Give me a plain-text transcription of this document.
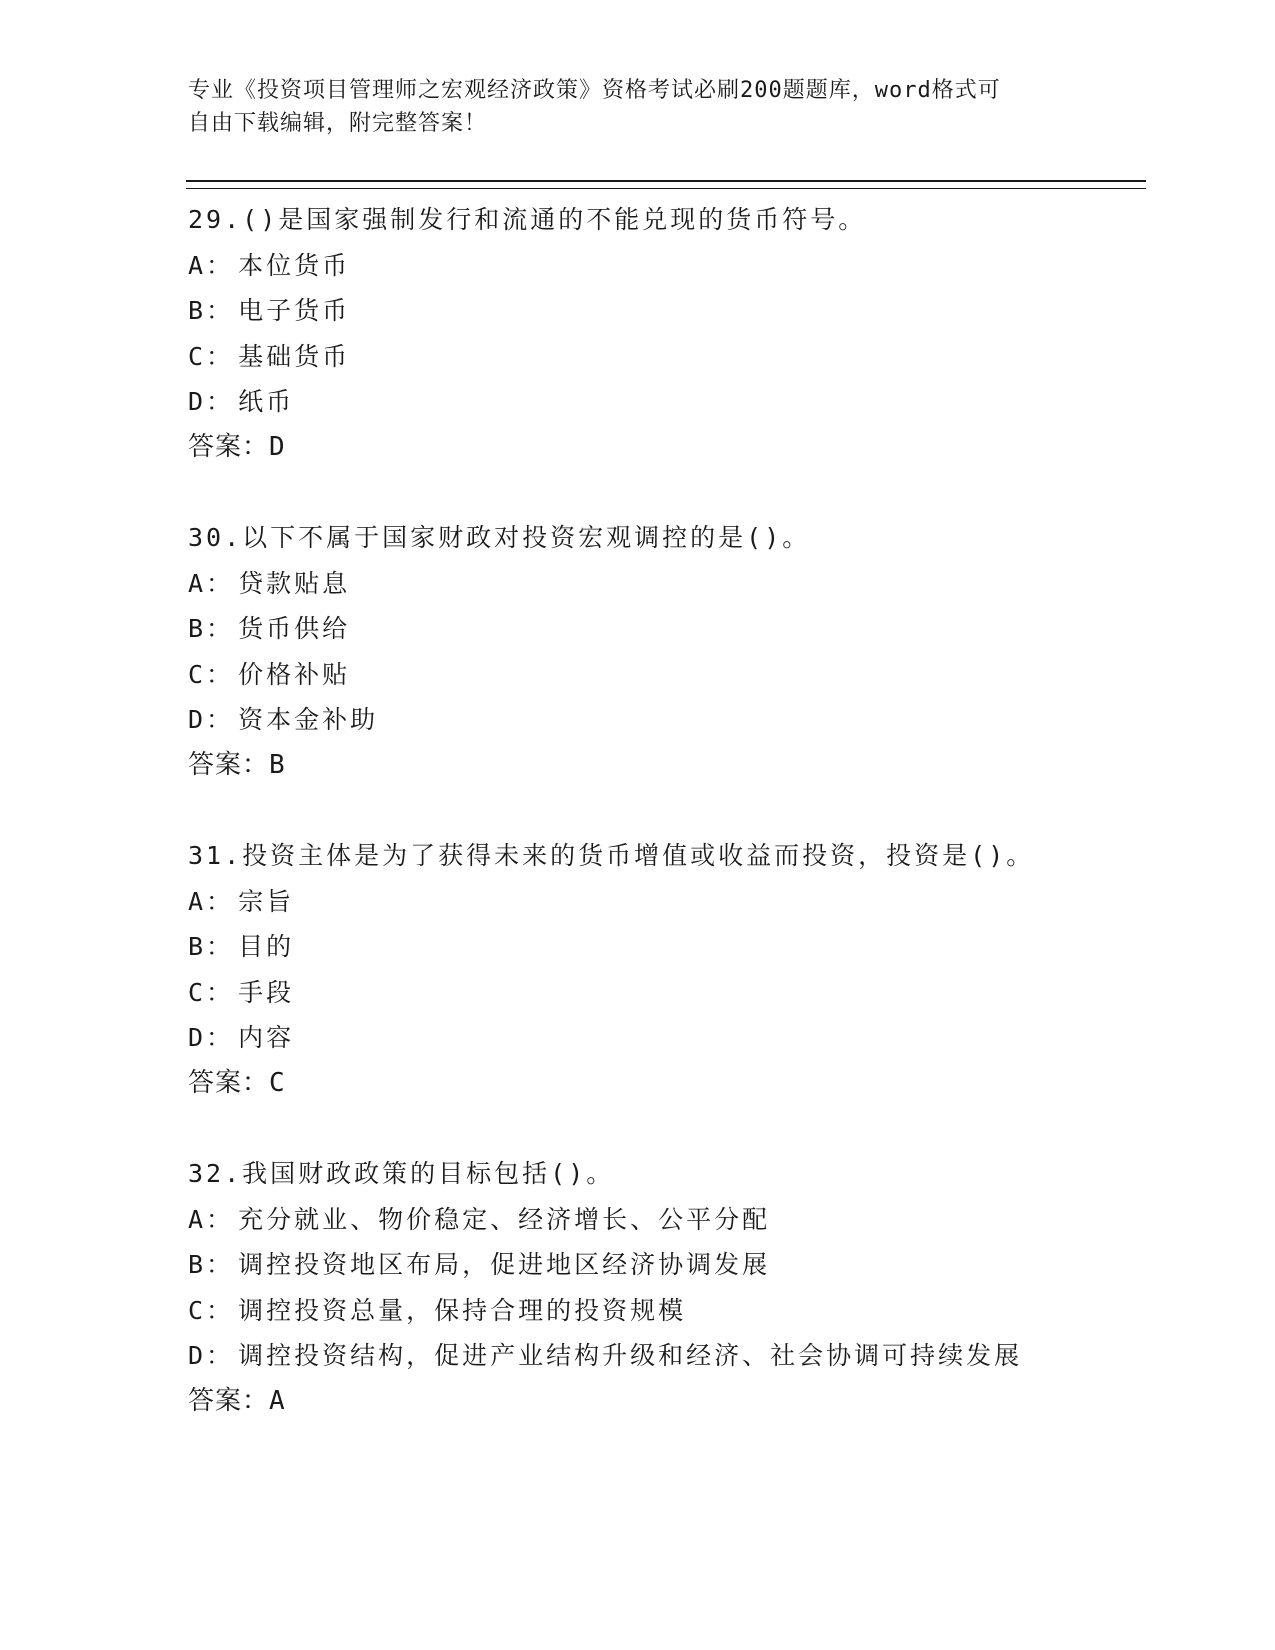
专业《投资项目管理师之宏观经济政策》资格考试必刷200题题库，word格式可
自由下载编辑，附完整答案！
29.()是国家强制发行和流通的不能兑现的货币符号。
A： 本位货币
B： 电子货币
C： 基础货币
D： 纸币
答案：D
30.以下不属于国家财政对投资宏观调控的是()。
A： 贷款贴息
B： 货币供给
C： 价格补贴
D： 资本金补助
答案：B
31.投资主体是为了获得未来的货币增值或收益而投资，投资是()。
A： 宗旨
B： 目的
C： 手段
D： 内容
答案：C
32.我国财政政策的目标包括()。
A： 充分就业、物价稳定、经济增长、公平分配
B： 调控投资地区布局，促进地区经济协调发展
C： 调控投资总量，保持合理的投资规模
D： 调控投资结构，促进产业结构升级和经济、社会协调可持续发展
答案：A
